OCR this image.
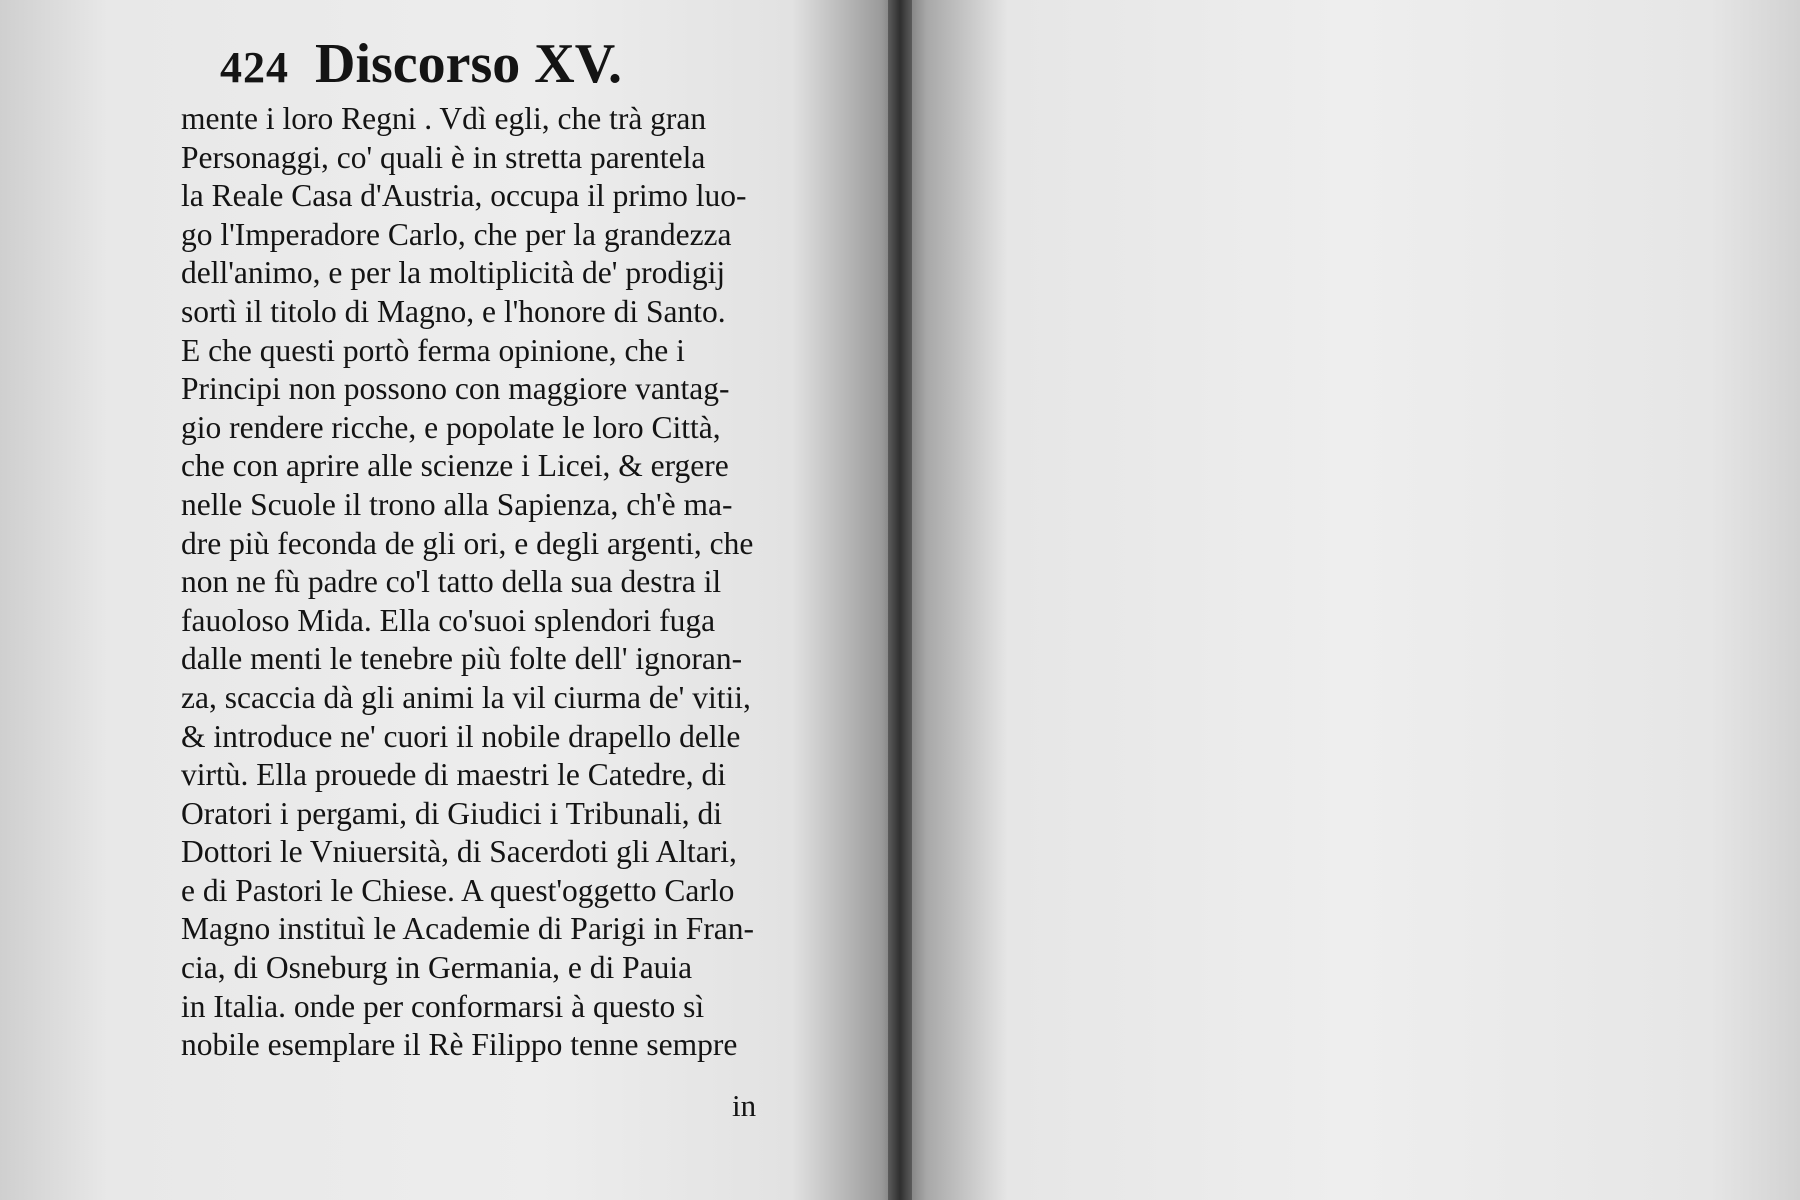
424 Discorso XV.
mente i loro Regni . Vdì egli, che trà gran
Personaggi, co' quali è in stretta parentela
la Reale Casa d'Austria, occupa il primo luo-
go l'Imperadore Carlo, che per la grandezza
dell'animo, e per la moltiplicità de' prodigij
sortì il titolo di Magno, e l'honore di Santo.
E che questi portò ferma opinione, che i
Principi non possono con maggiore vantag-
gio rendere ricche, e popolate le loro Città,
che con aprire alle scienze i Licei, & ergere
nelle Scuole il trono alla Sapienza, ch'è ma-
dre più feconda de gli ori, e degli argenti, che
non ne fù padre co'l tatto della sua destra il
fauoloso Mida. Ella co'suoi splendori fuga
dalle menti le tenebre più folte dell' ignoran-
za, scaccia dà gli animi la vil ciurma de' vitii,
& introduce ne' cuori il nobile drapello delle
virtù. Ella prouede di maestri le Catedre, di
Oratori i pergami, di Giudici i Tribunali, di
Dottori le Vniuersità, di Sacerdoti gli Altari,
e di Pastori le Chiese. A quest'oggetto Carlo
Magno instituì le Academie di Parigi in Fran-
cia, di Osneburg in Germania, e di Pauia
in Italia. onde per conformarsi à questo sì
nobile esemplare il Rè Filippo tenne sempre
in
